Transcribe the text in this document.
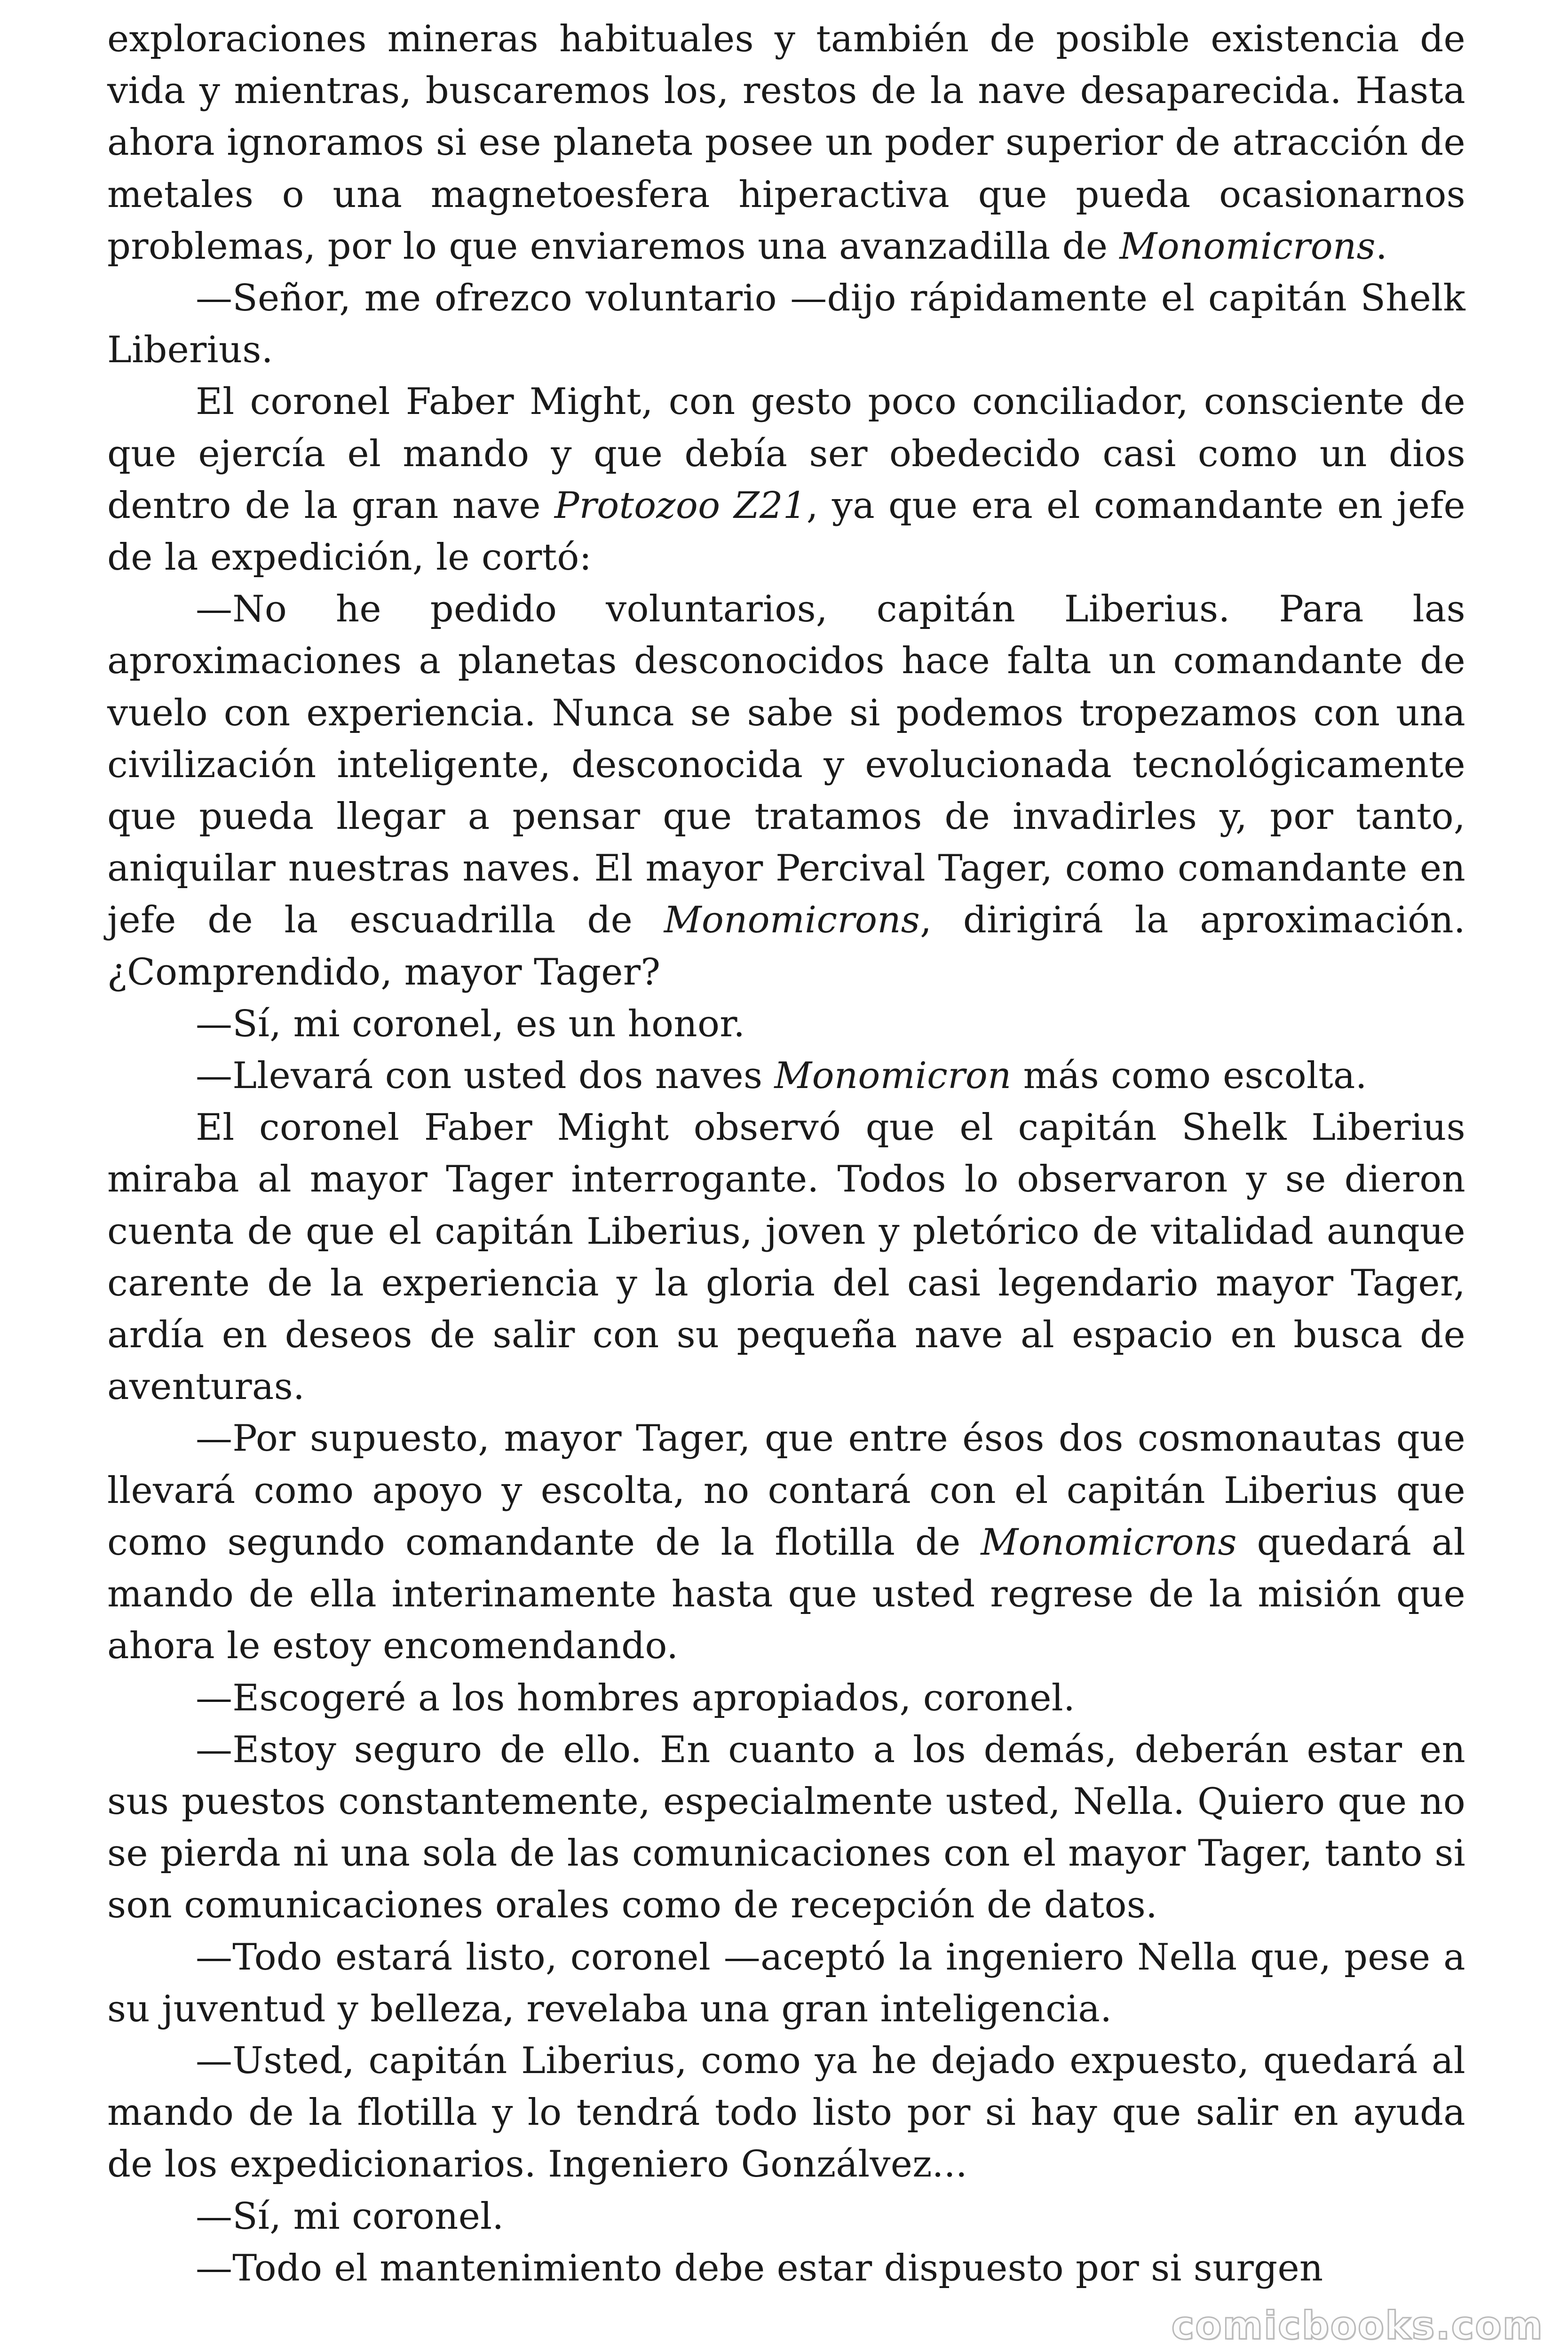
exploraciones mineras habituales y también de posible existencia de vida y mientras, buscaremos los, restos de la nave desaparecida. Hasta ahora ignoramos si ese planeta posee un poder superior de atracción de metales o una magnetoesfera hiperactiva que pueda ocasionarnos problemas, por lo que enviaremos una avanzadilla de Monomicrons.

—Señor, me ofrezco voluntario —dijo rápidamente el capitán Shelk Liberius.

El coronel Faber Might, con gesto poco conciliador, consciente de que ejercía el mando y que debía ser obedecido casi como un dios dentro de la gran nave Protozoo Z21, ya que era el comandante en jefe de la expedición, le cortó:

—No he pedido voluntarios, capitán Liberius. Para las aproximaciones a planetas desconocidos hace falta un comandante de vuelo con experiencia. Nunca se sabe si podemos tropezamos con una civilización inteligente, desconocida y evolucionada tecnológicamente que pueda llegar a pensar que tratamos de invadirles y, por tanto, aniquilar nuestras naves. El mayor Percival Tager, como comandante en jefe de la escuadrilla de Monomicrons, dirigirá la aproximación. ¿Comprendido, mayor Tager?

—Sí, mi coronel, es un honor.

—Llevará con usted dos naves Monomicron más como escolta.

El coronel Faber Might observó que el capitán Shelk Liberius miraba al mayor Tager interrogante. Todos lo observaron y se dieron cuenta de que el capitán Liberius, joven y pletórico de vitalidad aunque carente de la experiencia y la gloria del casi legendario mayor Tager, ardía en deseos de salir con su pequeña nave al espacio en busca de aventuras.

—Por supuesto, mayor Tager, que entre ésos dos cosmonautas que llevará como apoyo y escolta, no contará con el capitán Liberius que como segundo comandante de la flotilla de Monomicrons quedará al mando de ella interinamente hasta que usted regrese de la misión que ahora le estoy encomendando.

—Escogeré a los hombres apropiados, coronel.

—Estoy seguro de ello. En cuanto a los demás, deberán estar en sus puestos constantemente, especialmente usted, Nella. Quiero que no se pierda ni una sola de las comunicaciones con el mayor Tager, tanto si son comunicaciones orales como de recepción de datos.

—Todo estará listo, coronel —aceptó la ingeniero Nella que, pese a su juventud y belleza, revelaba una gran inteligencia.

—Usted, capitán Liberius, como ya he dejado expuesto, quedará al mando de la flotilla y lo tendrá todo listo por si hay que salir en ayuda de los expedicionarios. Ingeniero Gonzálvez...

—Sí, mi coronel.

—Todo el mantenimiento debe estar dispuesto por si surgen

comicbooks.com
